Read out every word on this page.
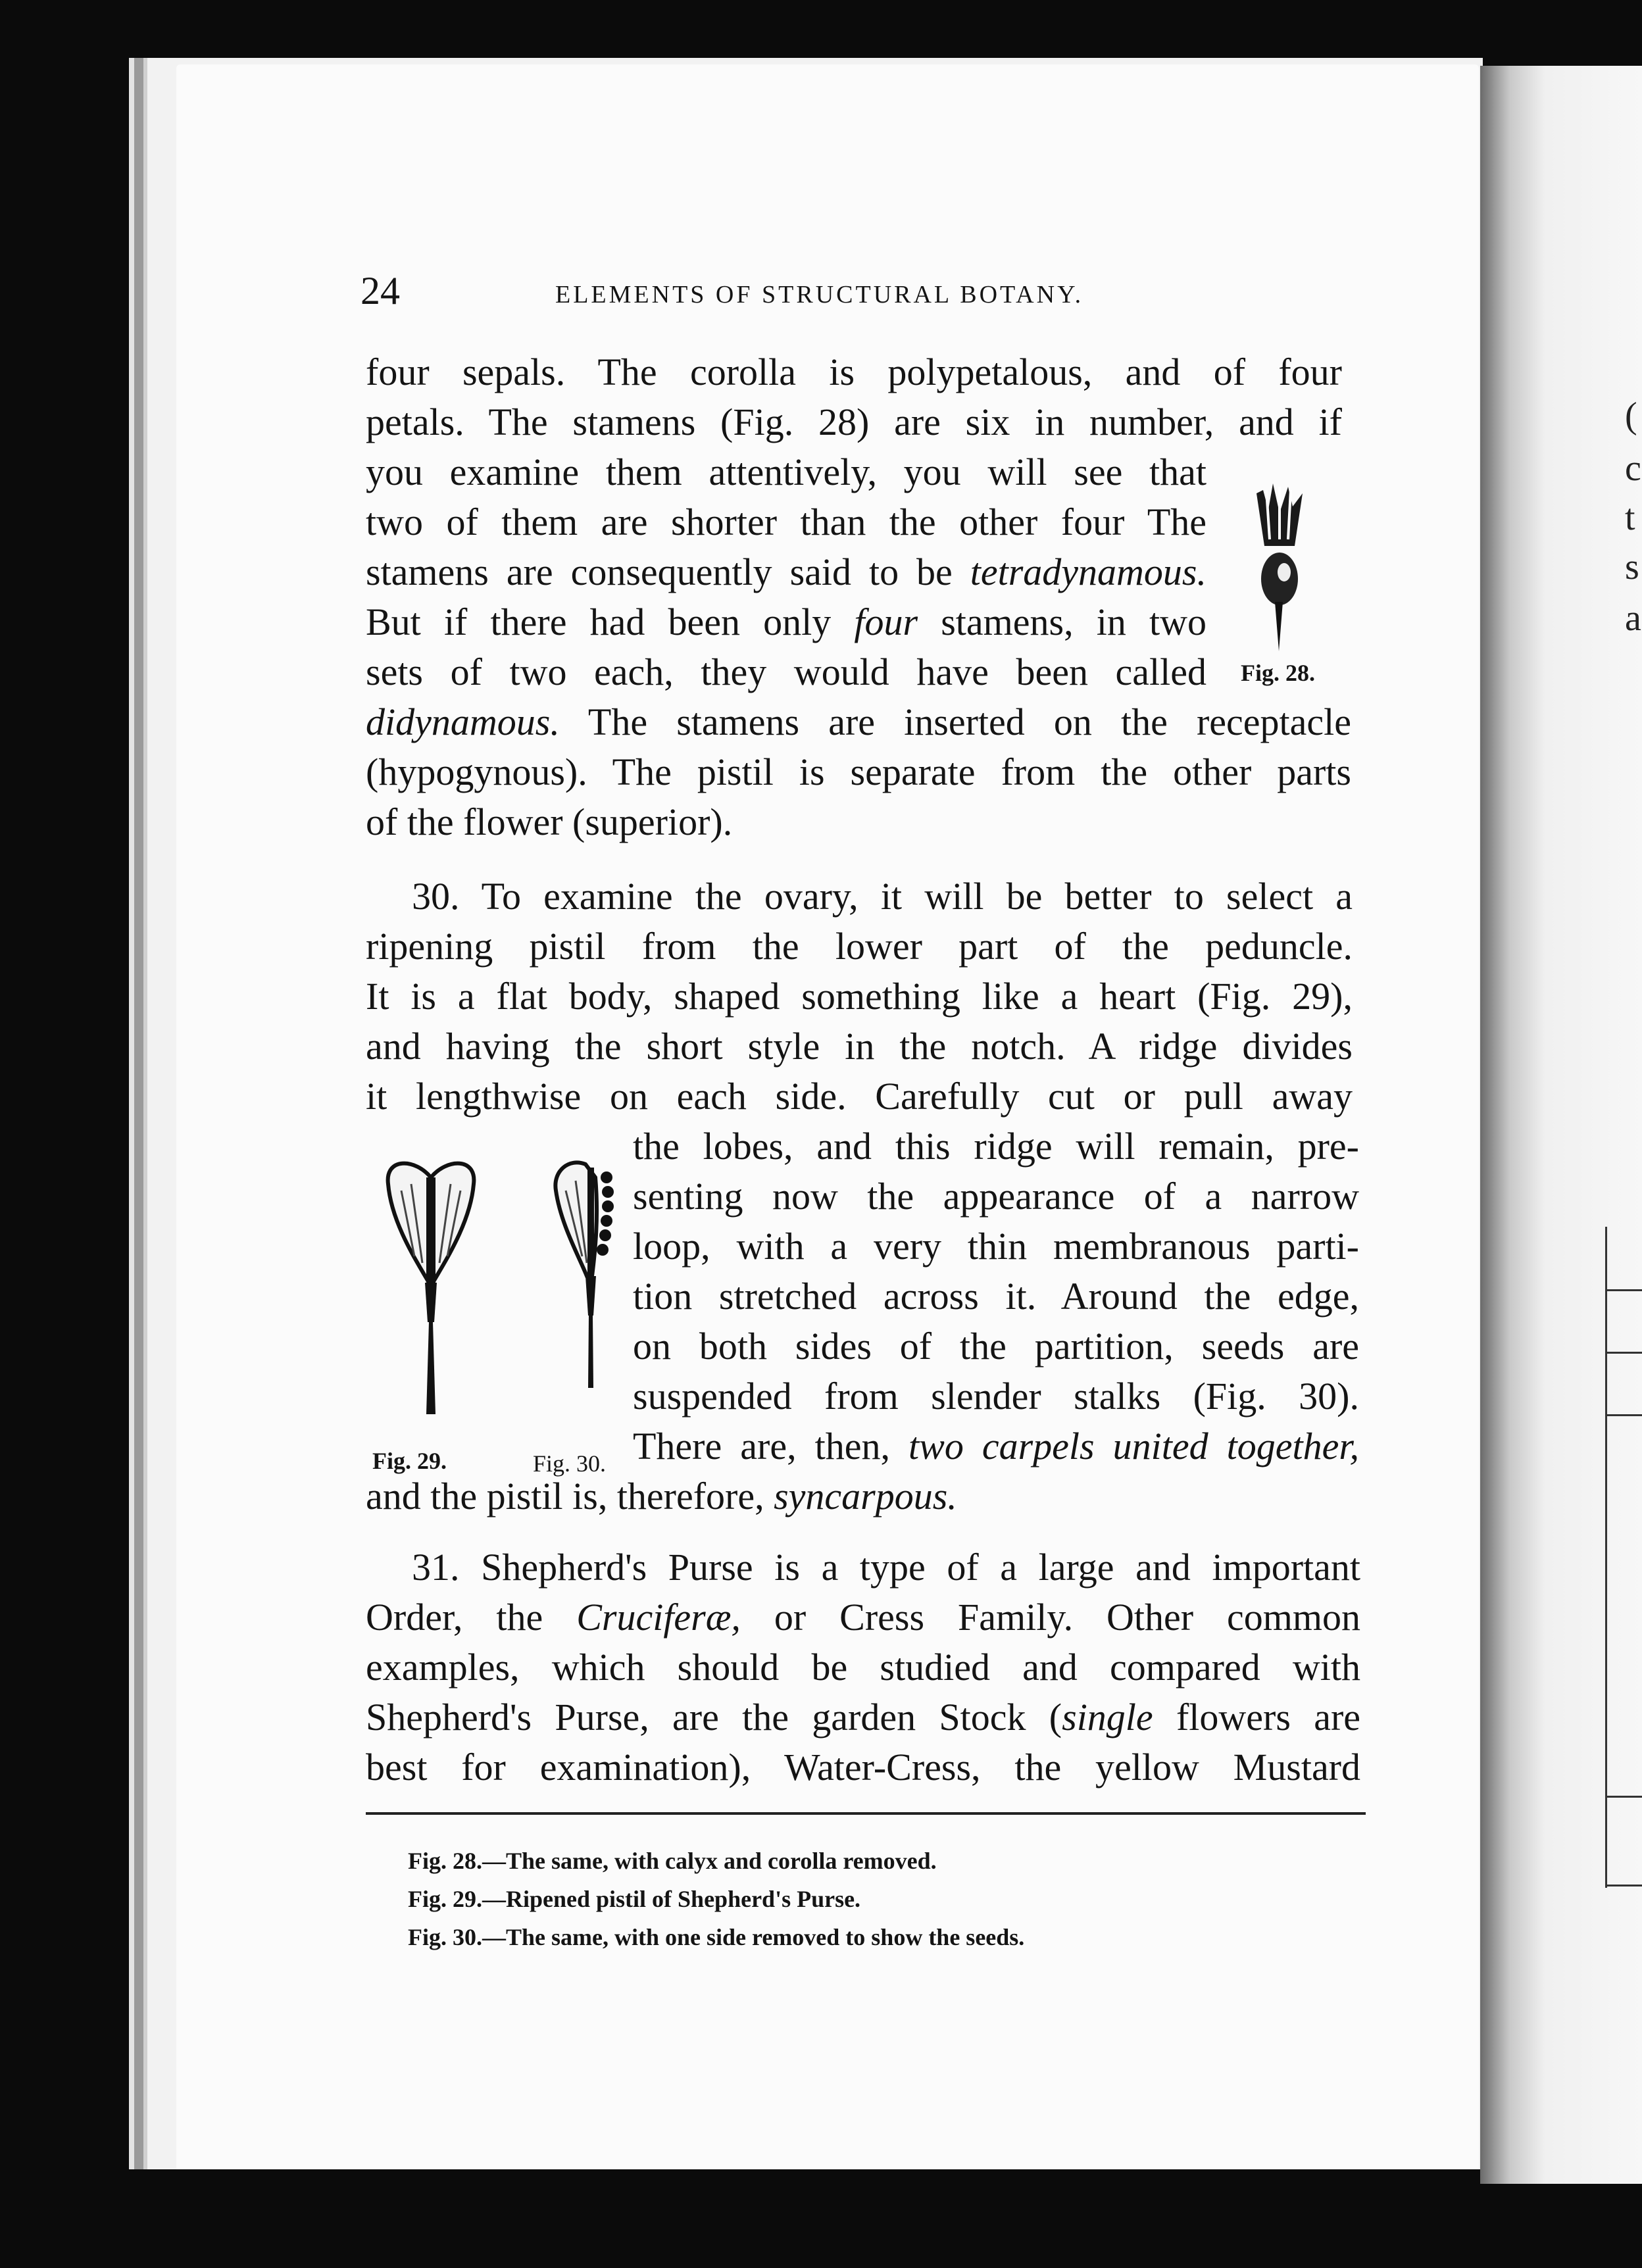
(
c
t
s
a
24	ELEMENTS OF STRUCTURAL BOTANY.
four sepals. The corolla is polypetalous, and of four
petals. The stamens (Fig. 28) are six in number, and if
you examine them attentively, you will see that
two of them are shorter than the other four The
stamens are consequently said to be tetradynamous.
But if there had been only four stamens, in two
sets of two each, they would have been called
didynamous. The stamens are inserted on the receptacle
(hypogynous). The pistil is separate from the other parts
of the flower (superior).
Fig. 28.
30. To examine the ovary, it will be better to select a
ripening pistil from the lower part of the peduncle.
It is a flat body, shaped something like a heart (Fig. 29),
and having the short style in the notch. A ridge divides
it lengthwise on each side. Carefully cut or pull away
the lobes, and this ridge will remain, pre-
senting now the appearance of a narrow
loop, with a very thin membranous parti-
tion stretched across it. Around the edge,
on both sides of the partition, seeds are
suspended from slender stalks (Fig. 30).
There are, then, two carpels united together,
and the pistil is, therefore, syncarpous.
Fig. 29.	Fig. 30.
31. Shepherd's Purse is a type of a large and important
Order, the Cruciferæ, or Cress Family. Other common
examples, which should be studied and compared with
Shepherd's Purse, are the garden Stock (single flowers are
best for examination), Water-Cress, the yellow Mustard
Fig. 28.—The same, with calyx and corolla removed.
Fig. 29.—Ripened pistil of Shepherd's Purse.
Fig. 30.—The same, with one side removed to show the seeds.
